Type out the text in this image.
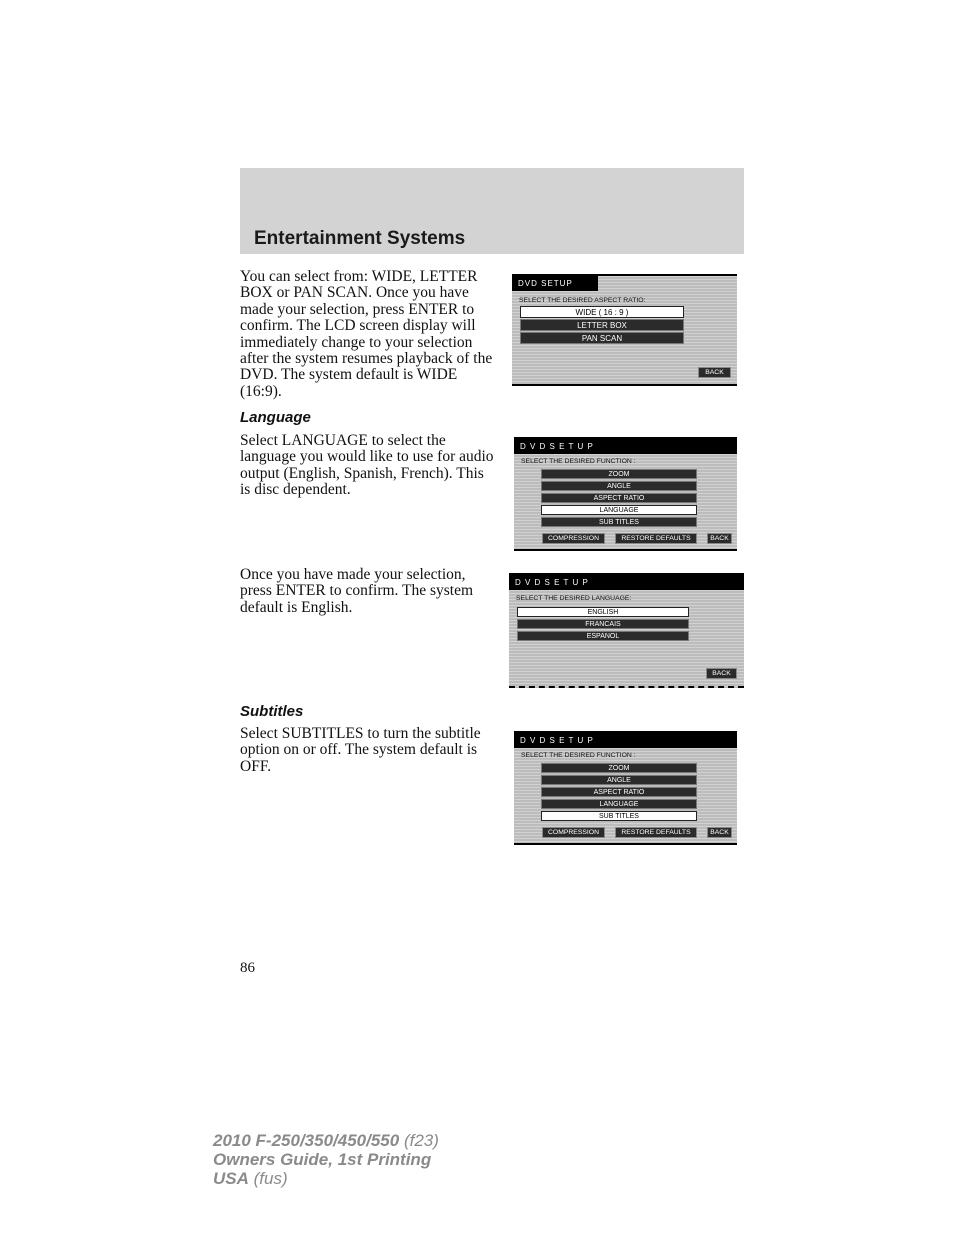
Entertainment Systems

You can select from: WIDE, LETTER BOX or PAN SCAN. Once you have made your selection, press ENTER to confirm. The LCD screen display will immediately change to your selection after the system resumes playback of the DVD. The system default is WIDE (16:9).

DVD SETUP
SELECT THE DESIRED ASPECT RATIO:
WIDE ( 16 : 9 )
LETTER BOX
PAN SCAN
BACK
Language

Select LANGUAGE to select the language you would like to use for audio output (English, Spanish, French). This is disc dependent.

D V D S E T U P
SELECT THE DESIRED FUNCTION :
ZOOM
ANGLE
ASPECT RATIO
LANGUAGE
SUB TITLES
COMPRESSION	RESTORE DEFAULTS	BACK

Once you have made your selection, press ENTER to confirm. The system default is English.

D V D S E T U P
SELECT THE DESIRED LANGUAGE:
ENGLISH
FRANCAIS
ESPANOL
BACK
Subtitles

Select SUBTITLES to turn the subtitle option on or off. The system default is OFF.

D V D S E T U P
SELECT THE DESIRED FUNCTION :
ZOOM
ANGLE
ASPECT RATIO
LANGUAGE
SUB TITLES
COMPRESSION	RESTORE DEFAULTS	BACK

86

2010 F-250/350/450/550 (f23)
Owners Guide, 1st Printing
USA (fus)
